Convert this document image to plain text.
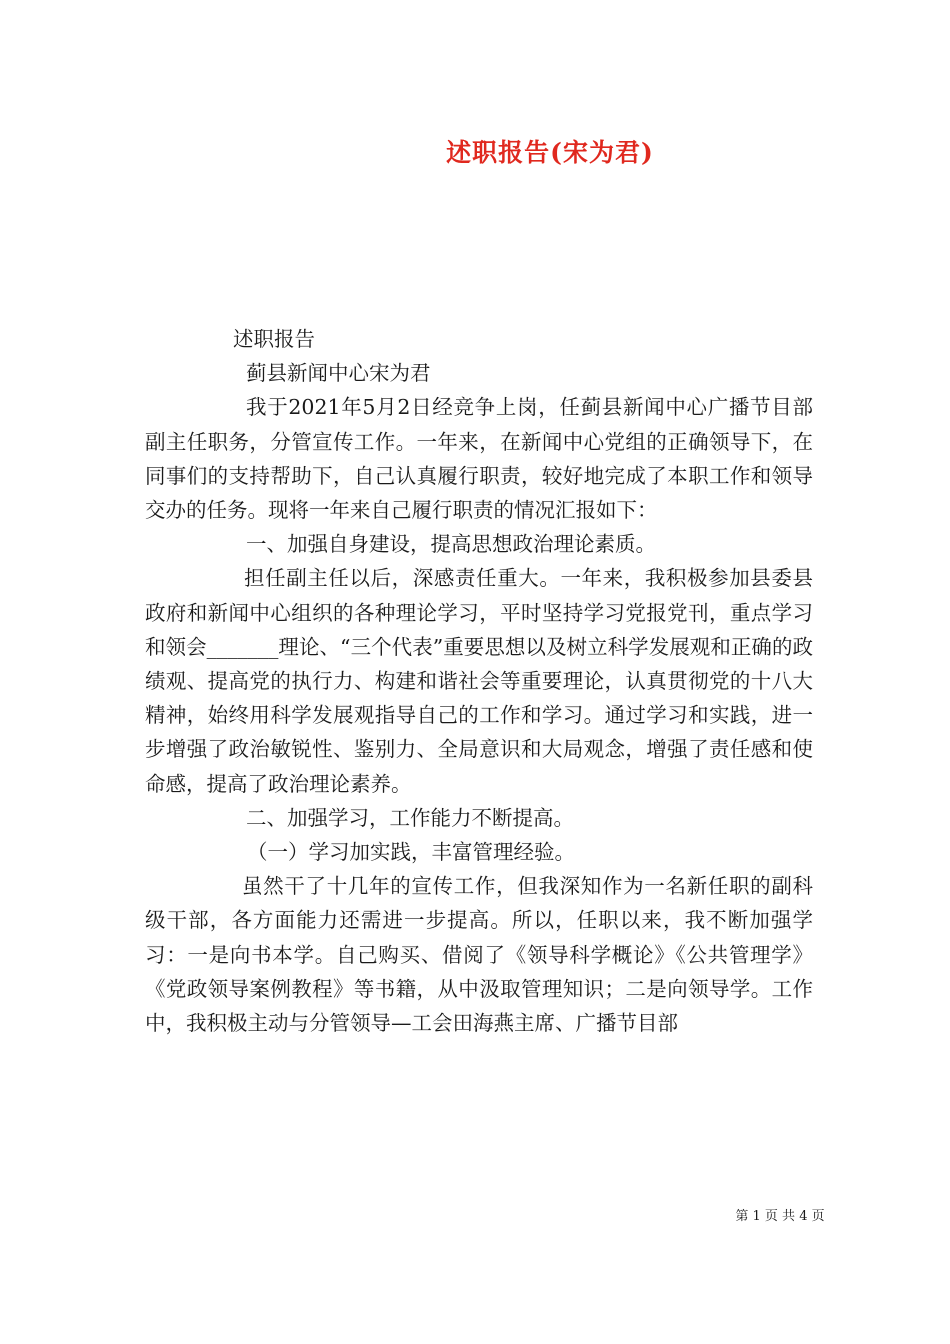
述职报告(宋为君)

述职报告

蓟县新闻中心宋为君

我于2021年5月2日经竞争上岗，任蓟县新闻中心广播节目部副主任职务，分管宣传工作。一年来，在新闻中心党组的正确领导下，在同事们的支持帮助下，自己认真履行职责，较好地完成了本职工作和领导交办的任务。现将一年来自己履行职责的情况汇报如下：

一、加强自身建设，提高思想政治理论素质。

担任副主任以后，深感责任重大。一年来，我积极参加县委县政府和新闻中心组织的各种理论学习，平时坚持学习党报党刊，重点学习和领会_______理论、“三个代表”重要思想以及树立科学发展观和正确的政绩观、提高党的执行力、构建和谐社会等重要理论，认真贯彻党的十八大精神，始终用科学发展观指导自己的工作和学习。通过学习和实践，进一步增强了政治敏锐性、鉴别力、全局意识和大局观念，增强了责任感和使命感，提高了政治理论素养。

二、加强学习，工作能力不断提高。

（一）学习加实践，丰富管理经验。

虽然干了十几年的宣传工作，但我深知作为一名新任职的副科级干部，各方面能力还需进一步提高。所以，任职以来，我不断加强学习：一是向书本学。自己购买、借阅了《领导科学概论》《公共管理学》《党政领导案例教程》等书籍，从中汲取管理知识；二是向领导学。工作中，我积极主动与分管领导—工会田海燕主席、广播节目部

第 1 页 共 4 页
